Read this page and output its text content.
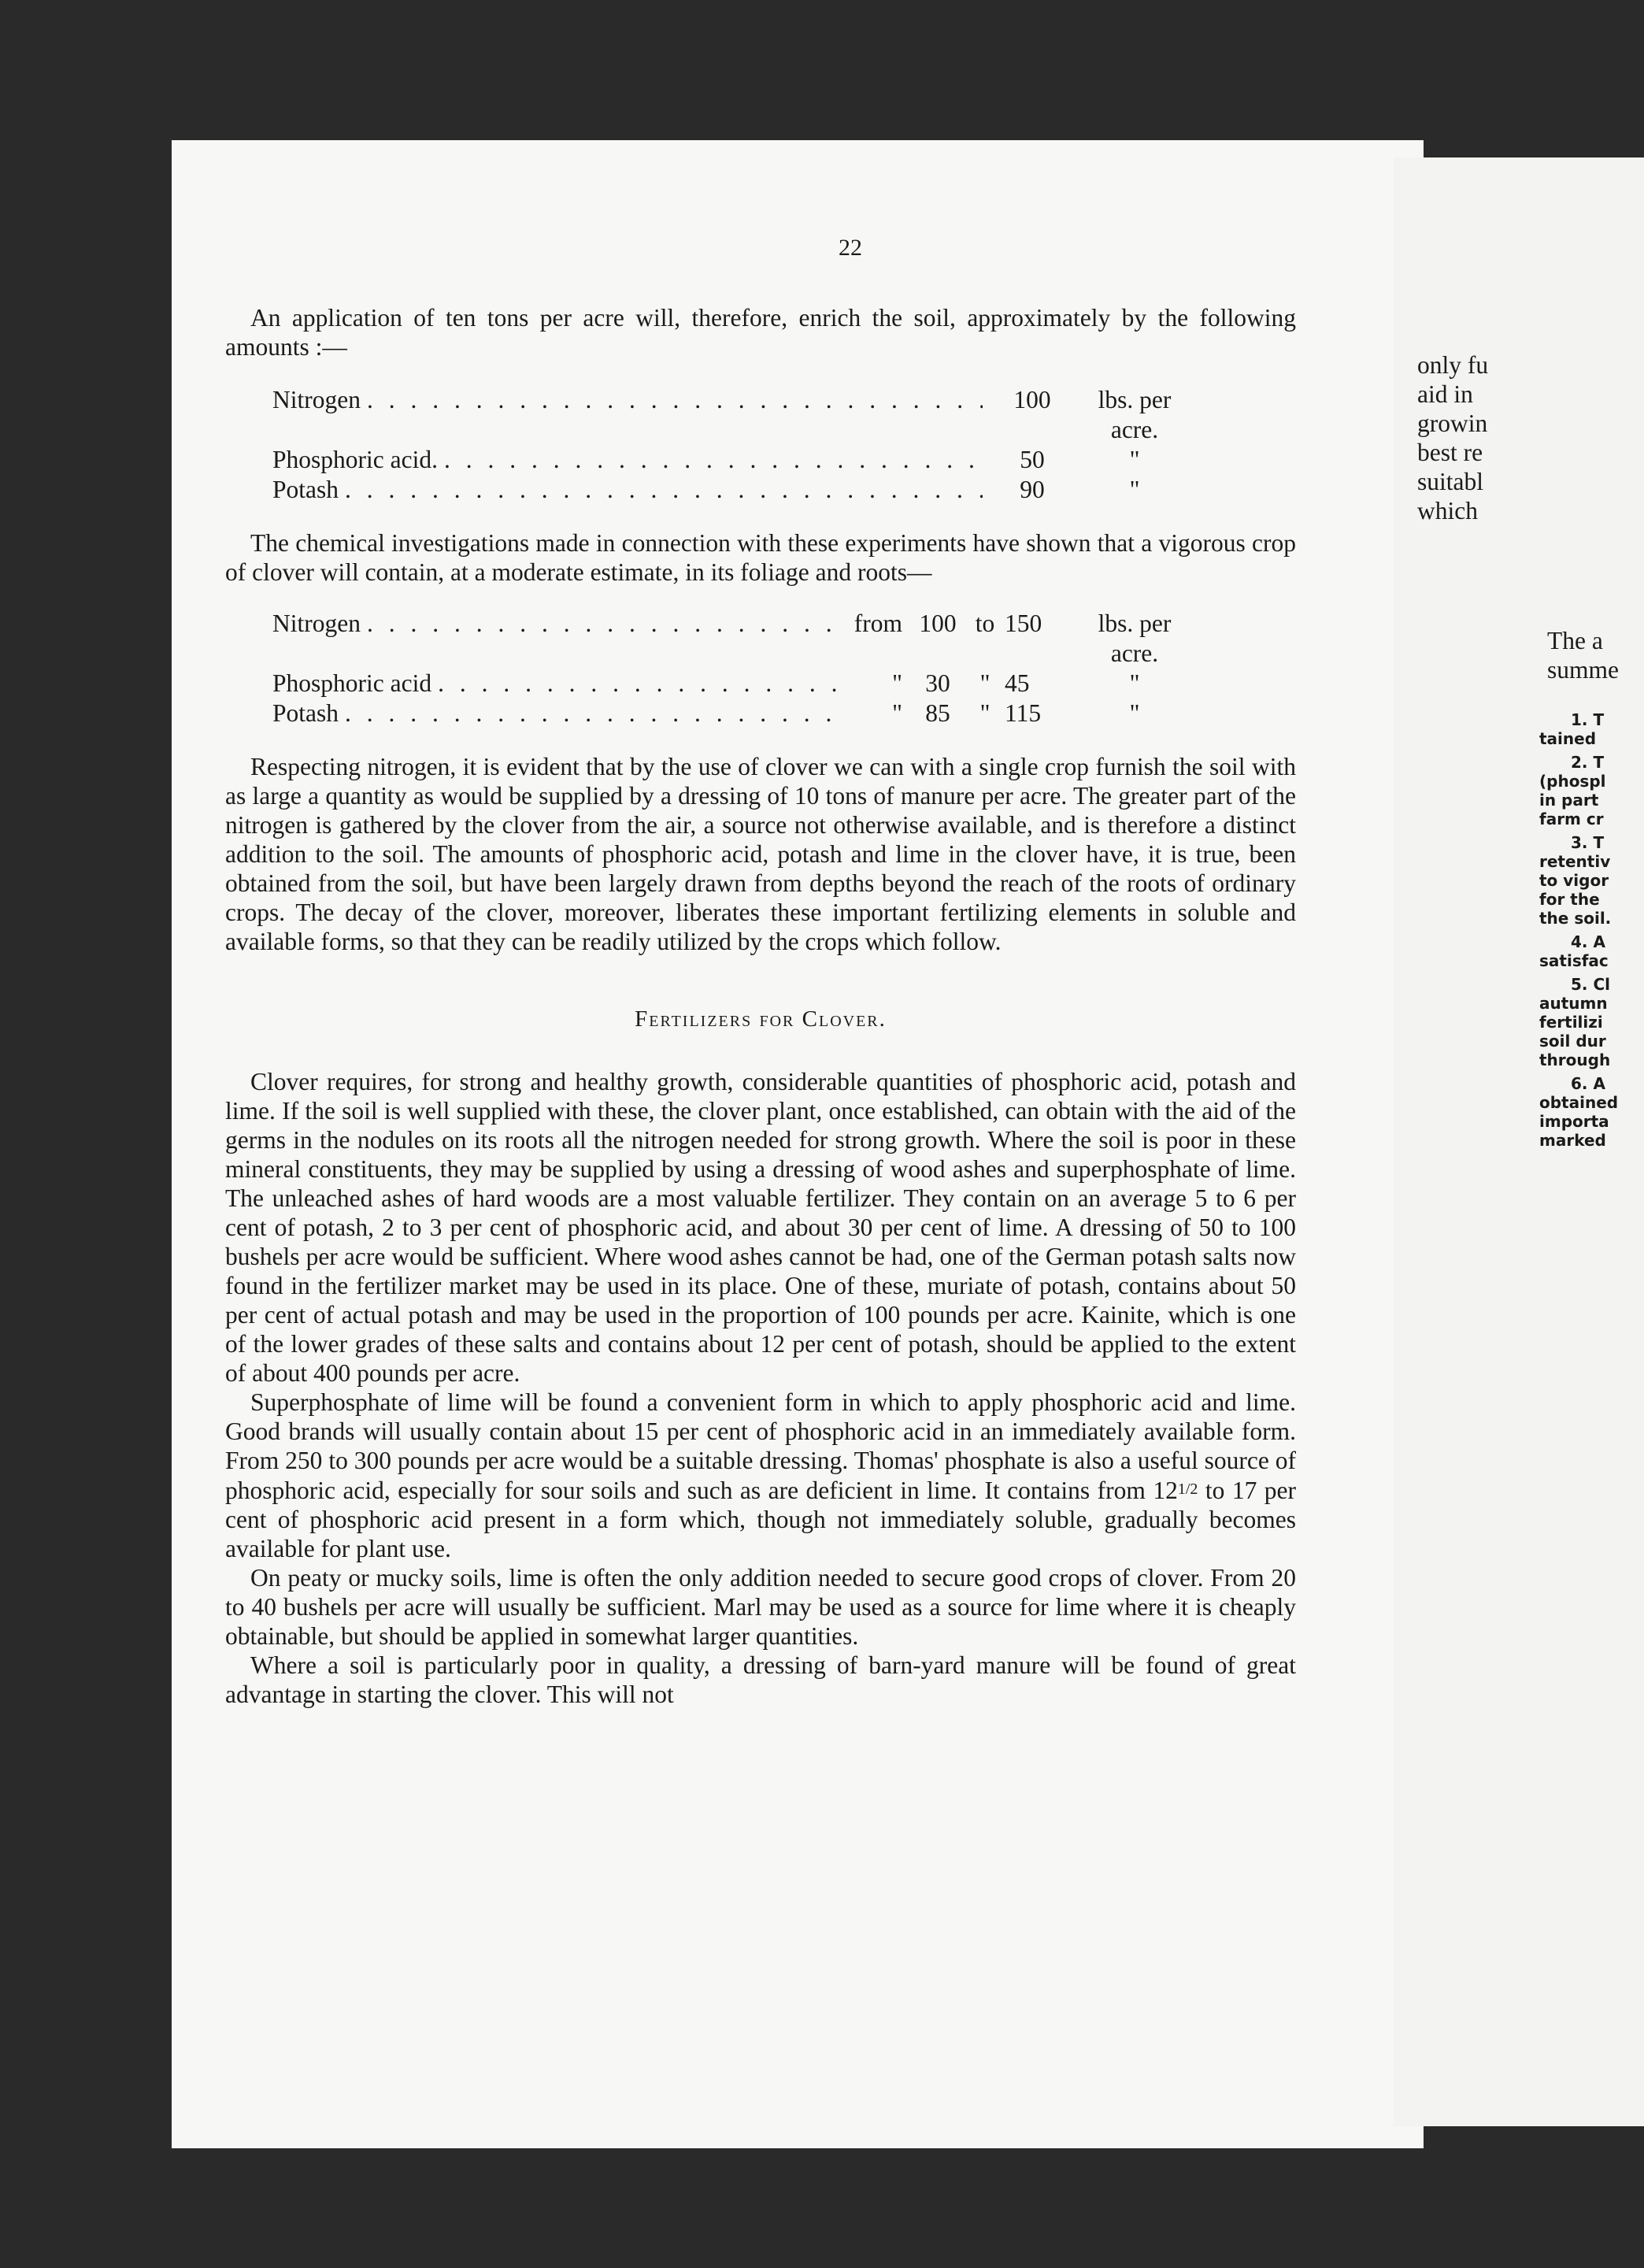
22

An application of ten tons per acre will, therefore, enrich the soil, approximately by the following amounts :—

Nitrogen . . .	100	lbs. per acre.
Phosphoric acid. . . .	50	"
Potash . . .	90	"

The chemical investigations made in connection with these experiments have shown that a vigorous crop of clover will contain, at a moderate estimate, in its foliage and roots—

Nitrogen . . .	from 100 to 150	lbs. per acre.
Phosphoric acid . . .	" 30	" 45	"
Potash . . .	" 85	" 115	"

Respecting nitrogen, it is evident that by the use of clover we can with a single crop furnish the soil with as large a quantity as would be supplied by a dressing of 10 tons of manure per acre. The greater part of the nitrogen is gathered by the clover from the air, a source not otherwise available, and is therefore a distinct addition to the soil. The amounts of phosphoric acid, potash and lime in the clover have, it is true, been obtained from the soil, but have been largely drawn from depths beyond the reach of the roots of ordinary crops. The decay of the clover, moreover, liberates these important fertilizing elements in soluble and available forms, so that they can be readily utilized by the crops which follow.

Fertilizers for Clover.

Clover requires, for strong and healthy growth, considerable quantities of phosphoric acid, potash and lime. If the soil is well supplied with these, the clover plant, once established, can obtain with the aid of the germs in the nodules on its roots all the nitrogen needed for strong growth. Where the soil is poor in these mineral constituents, they may be supplied by using a dressing of wood ashes and superphosphate of lime. The unleached ashes of hard woods are a most valuable fertilizer. They contain on an average 5 to 6 per cent of potash, 2 to 3 per cent of phosphoric acid, and about 30 per cent of lime. A dressing of 50 to 100 bushels per acre would be sufficient. Where wood ashes cannot be had, one of the German potash salts now found in the fertilizer market may be used in its place. One of these, muriate of potash, contains about 50 per cent of actual potash and may be used in the proportion of 100 pounds per acre. Kainite, which is one of the lower grades of these salts and contains about 12 per cent of potash, should be applied to the extent of about 400 pounds per acre.

Superphosphate of lime will be found a convenient form in which to apply phosphoric acid and lime. Good brands will usually contain about 15 per cent of phosphoric acid in an immediately available form. From 250 to 300 pounds per acre would be a suitable dressing. Thomas' phosphate is also a useful source of phosphoric acid, especially for sour soils and such as are deficient in lime. It contains from 121/2 to 17 per cent of phosphoric acid present in a form which, though not immediately soluble, gradually becomes available for plant use.

On peaty or mucky soils, lime is often the only addition needed to secure good crops of clover. From 20 to 40 bushels per acre will usually be sufficient. Marl may be used as a source for lime where it is cheaply obtainable, but should be applied in somewhat larger quantities.

Where a soil is particularly poor in quality, a dressing of barn-yard manure will be found of great advantage in starting the clover. This will not

only fu
aid in
growin
best re
suitabl
which
The a
summe
1. T
tained
2. T
(phospl
in part
farm cr
3. T
retentiv
to vigor
for the
the soil.
4. A
satisfac
5. Cl
autumn
fertilizi
soil dur
through
6. A
obtained
importa
marked
